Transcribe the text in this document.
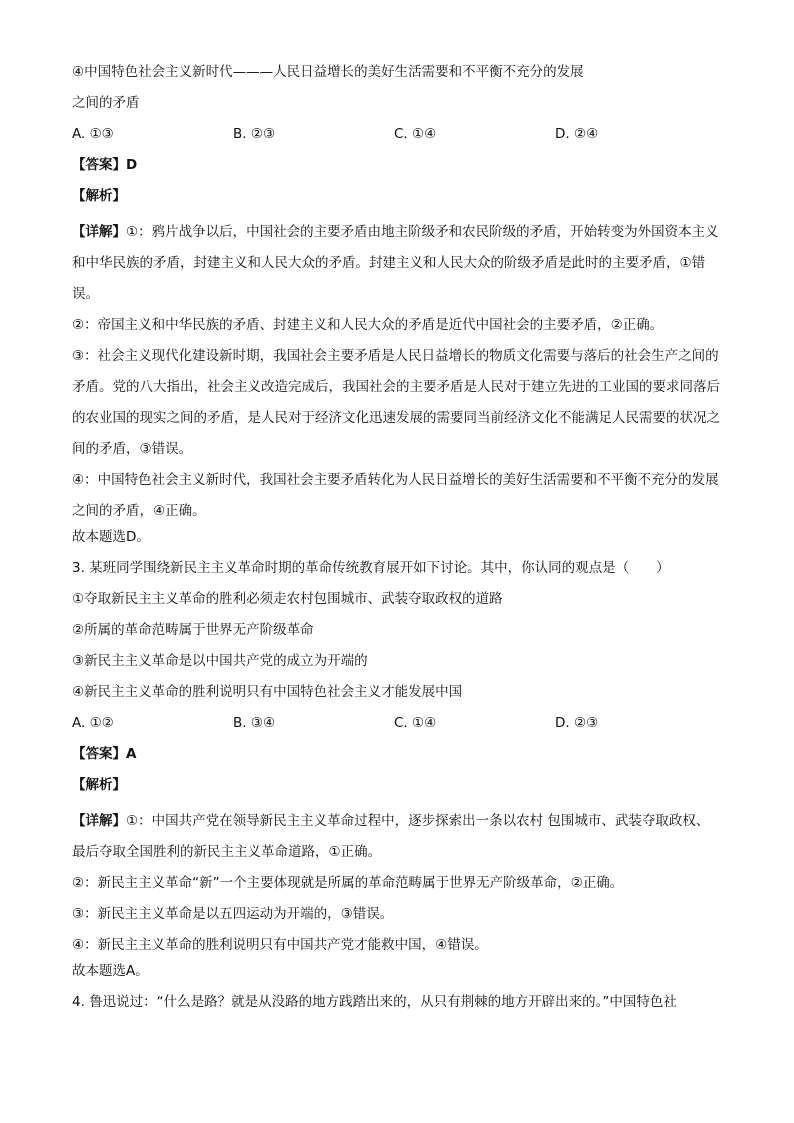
④中国特色社会主义新时代———人民日益增长的美好生活需要和不平衡不充分的发展

之间的矛盾

A. ①③	B. ②③	C. ①④	D. ②④

【答案】D

【解析】

【详解】①：鸦片战争以后，中国社会的主要矛盾由地主阶级矛和农民阶级的矛盾，开始转变为外国资本主义和中华民族的矛盾，封建主义和人民大众的矛盾。封建主义和人民大众的阶级矛盾是此时的主要矛盾，①错误。

②：帝国主义和中华民族的矛盾、封建主义和人民大众的矛盾是近代中国社会的主要矛盾，②正确。

③：社会主义现代化建设新时期，我国社会主要矛盾是人民日益增长的物质文化需要与落后的社会生产之间的矛盾。党的八大指出，社会主义改造完成后，我国社会的主要矛盾是人民对于建立先进的工业国的要求同落后的农业国的现实之间的矛盾，是人民对于经济文化迅速发展的需要同当前经济文化不能满足人民需要的状况之间的矛盾，③错误。

④：中国特色社会主义新时代，我国社会主要矛盾转化为人民日益增长的美好生活需要和不平衡不充分的发展之间的矛盾，④正确。

故本题选D。

3. 某班同学围绕新民主主义革命时期的革命传统教育展开如下讨论。其中，你认同的观点是（　　）

①夺取新民主主义革命的胜利必须走农村包围城市、武装夺取政权的道路

②所属的革命范畴属于世界无产阶级革命

③新民主主义革命是以中国共产党的成立为开端的

④新民主主义革命的胜利说明只有中国特色社会主义才能发展中国

A. ①②	B. ③④	C. ①④	D. ②③

【答案】A

【解析】

【详解】①：中国共产党在领导新民主主义革命过程中，逐步探索出一条以农村 包围城市、武装夺取政权、最后夺取全国胜利的新民主主义革命道路，①正确。

②：新民主主义革命“新”一个主要体现就是所属的革命范畴属于世界无产阶级革命，②正确。

③：新民主主义革命是以五四运动为开端的，③错误。

④：新民主主义革命的胜利说明只有中国共产党才能救中国，④错误。

故本题选A。

4. 鲁迅说过：“什么是路？就是从没路的地方践踏出来的，从只有荆棘的地方开辟出来的。”中国特色社
